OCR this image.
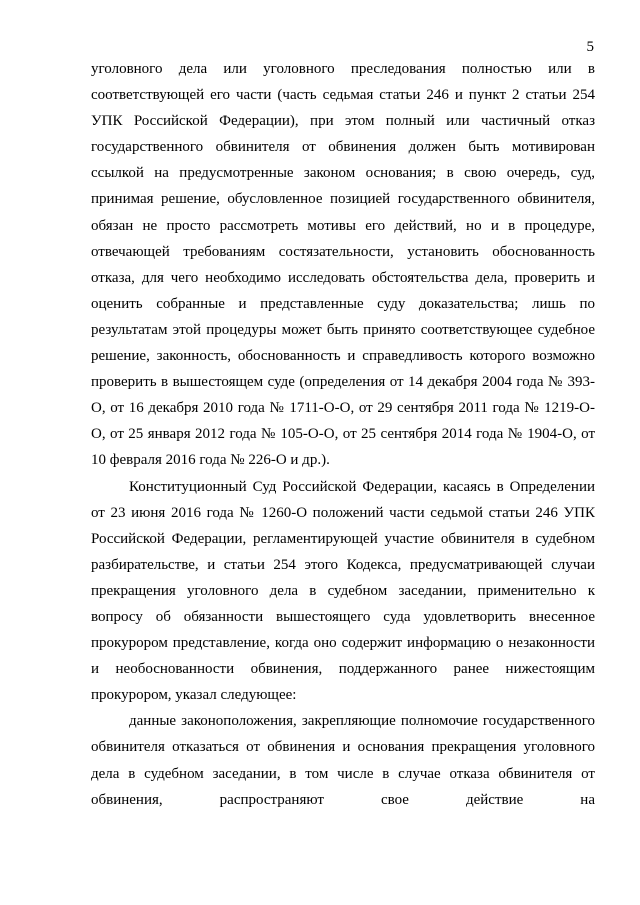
5

уголовного дела или уголовного преследования полностью или в соответствующей его части (часть седьмая статьи 246 и пункт 2 статьи 254 УПК Российской Федерации), при этом полный или частичный отказ государственного обвинителя от обвинения должен быть мотивирован ссылкой на предусмотренные законом основания; в свою очередь, суд, принимая решение, обусловленное позицией государственного обвинителя, обязан не просто рассмотреть мотивы его действий, но и в процедуре, отвечающей требованиям состязательности, установить обоснованность отказа, для чего необходимо исследовать обстоятельства дела, проверить и оценить собранные и представленные суду доказательства; лишь по результатам этой процедуры может быть принято соответствующее судебное решение, законность, обоснованность и справедливость которого возможно проверить в вышестоящем суде (определения от 14 декабря 2004 года № 393-О, от 16 декабря 2010 года № 1711-О-О, от 29 сентября 2011 года № 1219-О-О, от 25 января 2012 года № 105-О-О, от 25 сентября 2014 года № 1904-О, от 10 февраля 2016 года № 226-О и др.).

Конституционный Суд Российской Федерации, касаясь в Определении от 23 июня 2016 года № 1260-О положений части седьмой статьи 246 УПК Российской Федерации, регламентирующей участие обвинителя в судебном разбирательстве, и статьи 254 этого Кодекса, предусматривающей случаи прекращения уголовного дела в судебном заседании, применительно к вопросу об обязанности вышестоящего суда удовлетворить внесенное прокурором представление, когда оно содержит информацию о незаконности и необоснованности обвинения, поддержанного ранее нижестоящим прокурором, указал следующее:

данные законоположения, закрепляющие полномочие государственного обвинителя отказаться от обвинения и основания прекращения уголовного дела в судебном заседании, в том числе в случае отказа обвинителя от обвинения, распространяют свое действие на
